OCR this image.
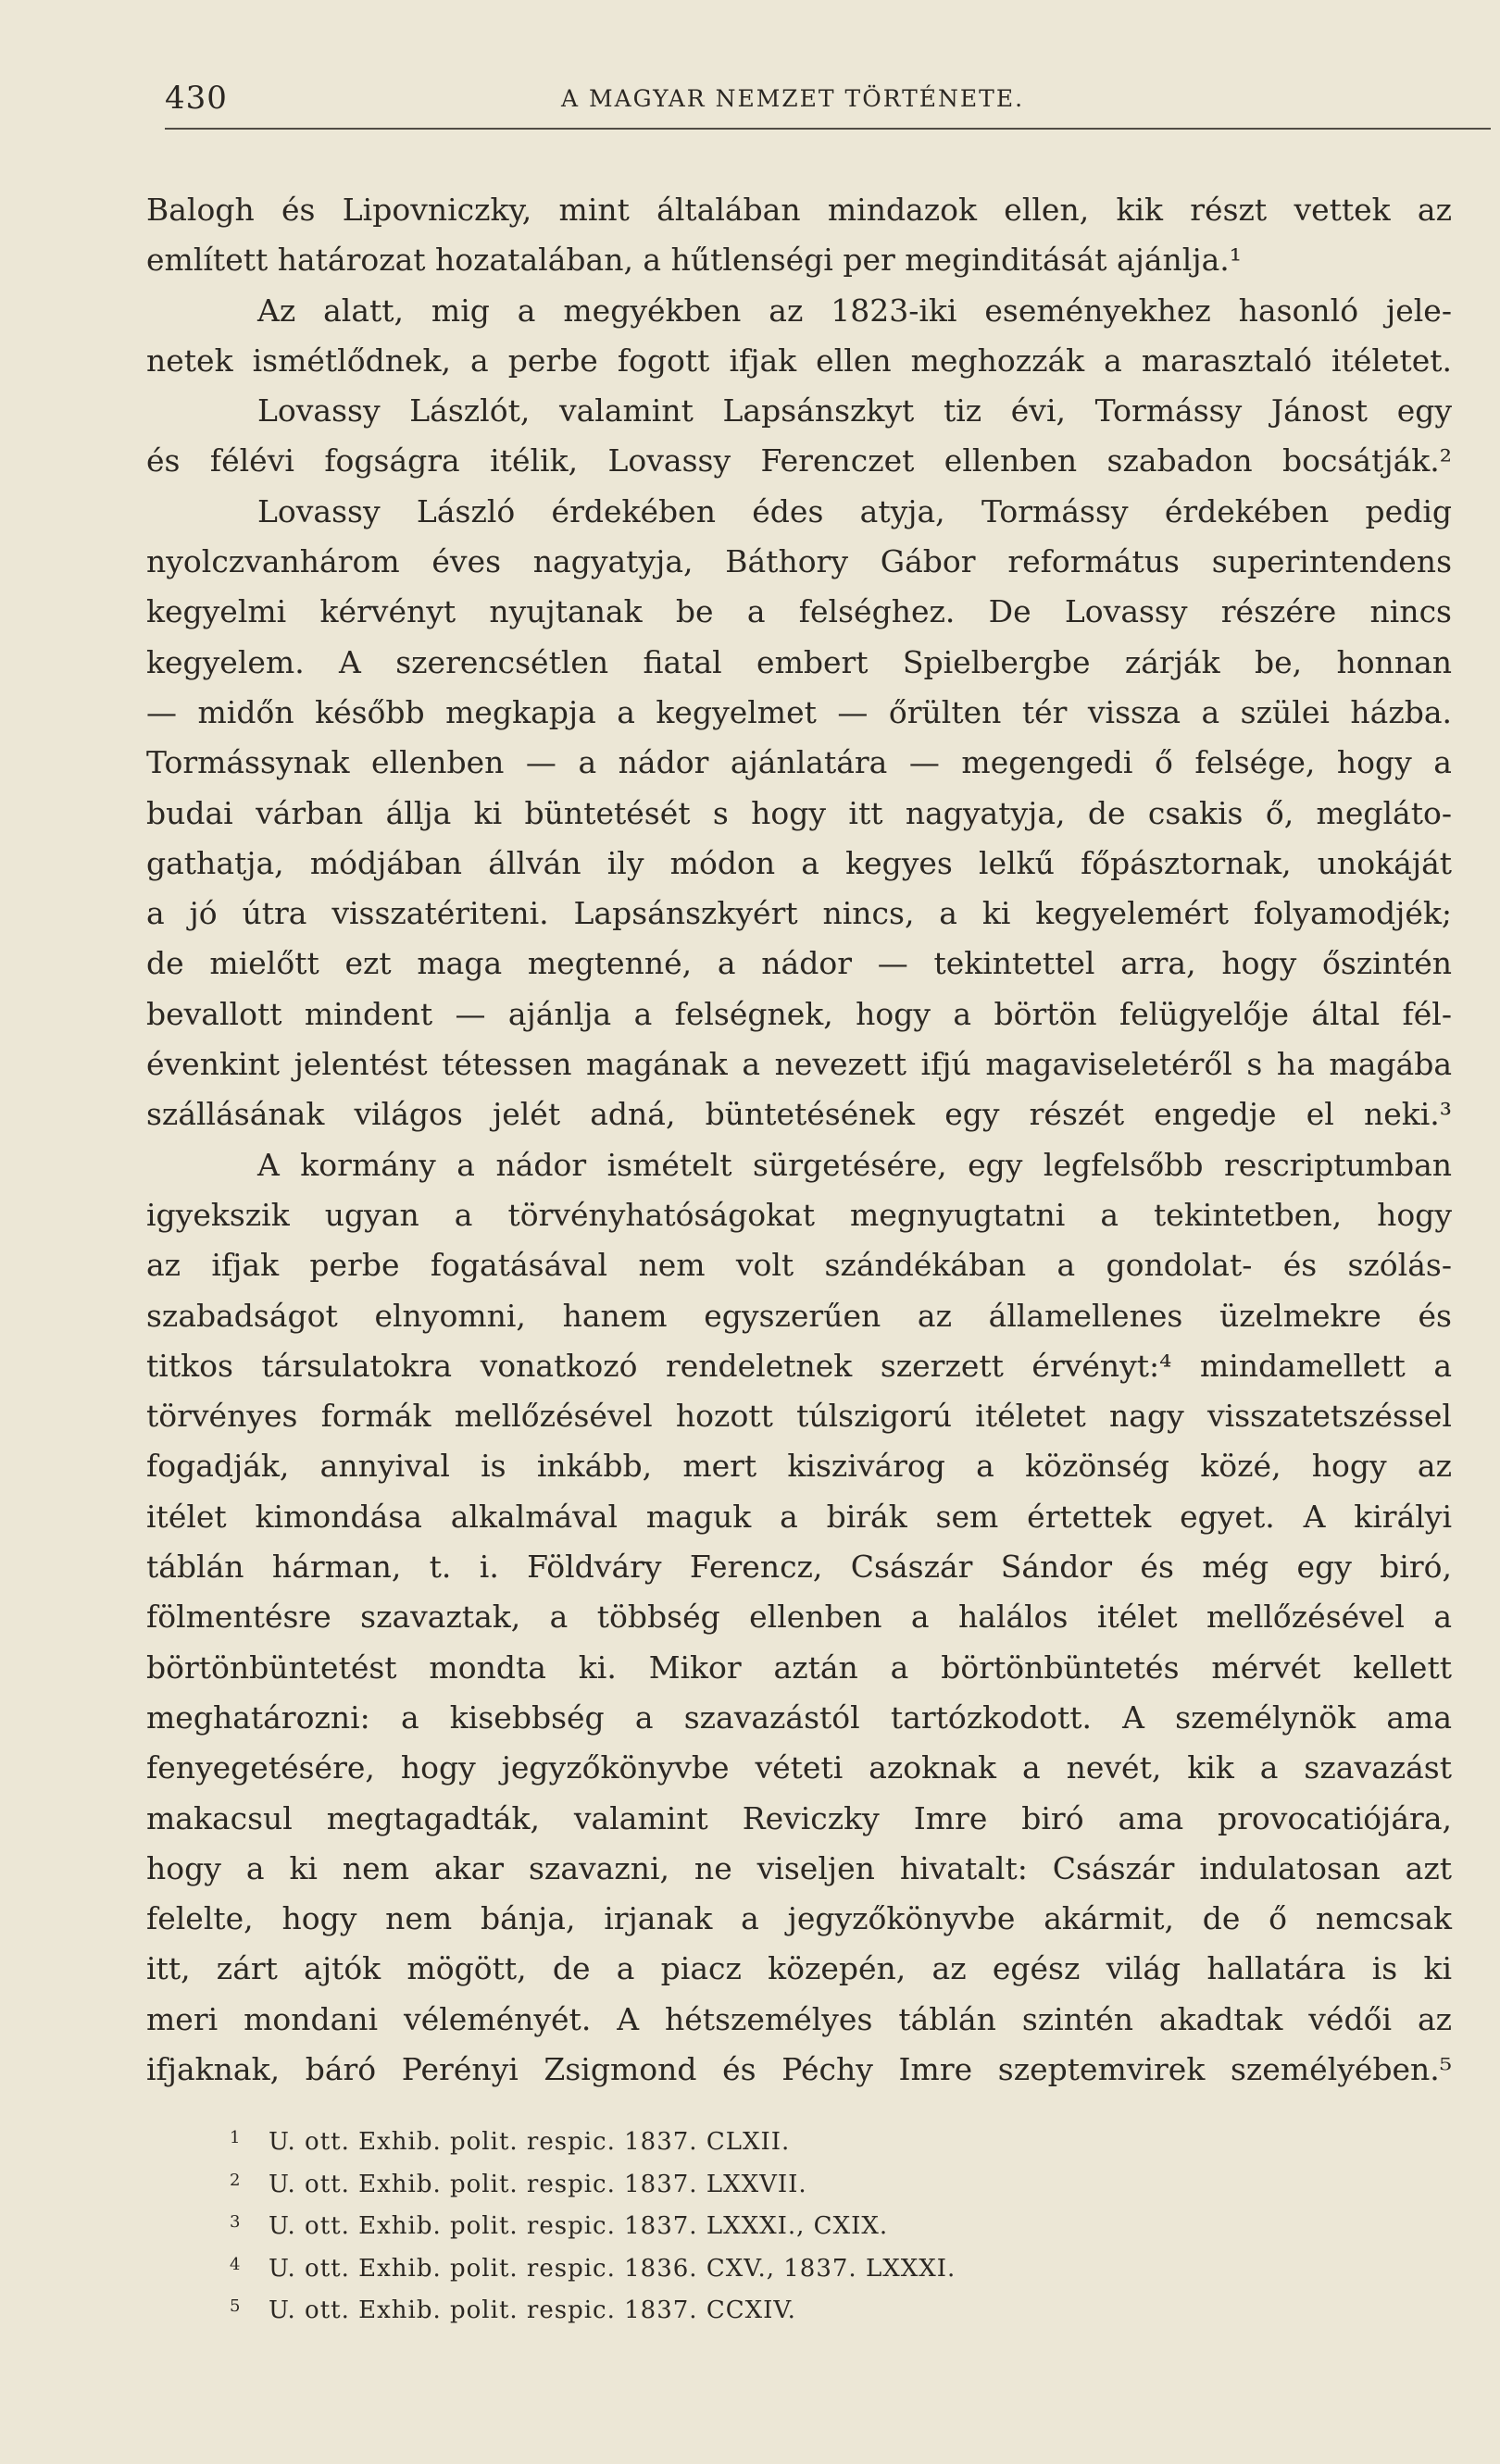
430	A MAGYAR NEMZET TÖRTÉNETE.
Balogh és Lipovniczky, mint általában mindazok ellen, kik részt vettek az
említett határozat hozatalában, a hűtlenségi per meginditását ajánlja.¹
Az alatt, mig a megyékben az 1823-iki eseményekhez hasonló jele-
netek ismétlődnek, a perbe fogott ifjak ellen meghozzák a marasztaló itéletet.
Lovassy Lászlót, valamint Lapsánszkyt tiz évi, Tormássy Jánost egy
és félévi fogságra itélik, Lovassy Ferenczet ellenben szabadon bocsátják.²
Lovassy László érdekében édes atyja, Tormássy érdekében pedig
nyolczvanhárom éves nagyatyja, Báthory Gábor református superintendens
kegyelmi kérvényt nyujtanak be a felséghez. De Lovassy részére nincs
kegyelem. A szerencsétlen fiatal embert Spielbergbe zárják be, honnan
— midőn később megkapja a kegyelmet — őrülten tér vissza a szülei házba.
Tormássynak ellenben — a nádor ajánlatára — megengedi ő felsége, hogy a
budai várban állja ki büntetését s hogy itt nagyatyja, de csakis ő, megláto-
gathatja, módjában állván ily módon a kegyes lelkű főpásztornak, unokáját
a jó útra visszatériteni. Lapsánszkyért nincs, a ki kegyelemért folyamodjék;
de mielőtt ezt maga megtenné, a nádor — tekintettel arra, hogy őszintén
bevallott mindent — ajánlja a felségnek, hogy a börtön felügyelője által fél-
évenkint jelentést tétessen magának a nevezett ifjú magaviseletéről s ha magába
szállásának világos jelét adná, büntetésének egy részét engedje el neki.³
A kormány a nádor ismételt sürgetésére, egy legfelsőbb rescriptumban
igyekszik ugyan a törvényhatóságokat megnyugtatni a tekintetben, hogy
az ifjak perbe fogatásával nem volt szándékában a gondolat- és szólás-
szabadságot elnyomni, hanem egyszerűen az államellenes üzelmekre és
titkos társulatokra vonatkozó rendeletnek szerzett érvényt:⁴ mindamellett a
törvényes formák mellőzésével hozott túlszigorú itéletet nagy visszatetszéssel
fogadják, annyival is inkább, mert kiszivárog a közönség közé, hogy az
itélet kimondása alkalmával maguk a birák sem értettek egyet. A királyi
táblán hárman, t. i. Földváry Ferencz, Császár Sándor és még egy biró,
fölmentésre szavaztak, a többség ellenben a halálos itélet mellőzésével a
börtönbüntetést mondta ki. Mikor aztán a börtönbüntetés mérvét kellett
meghatározni: a kisebbség a szavazástól tartózkodott. A személynök ama
fenyegetésére, hogy jegyzőkönyvbe véteti azoknak a nevét, kik a szavazást
makacsul megtagadták, valamint Reviczky Imre biró ama provocatiójára,
hogy a ki nem akar szavazni, ne viseljen hivatalt: Császár indulatosan azt
felelte, hogy nem bánja, irjanak a jegyzőkönyvbe akármit, de ő nemcsak
itt, zárt ajtók mögött, de a piacz közepén, az egész világ hallatára is ki
meri mondani véleményét. A hétszemélyes táblán szintén akadtak védői az
ifjaknak, báró Perényi Zsigmond és Péchy Imre szeptemvirek személyében.⁵
1 U. ott. Exhib. polit. respic. 1837. CLXII.
2 U. ott. Exhib. polit. respic. 1837. LXXVII.
3 U. ott. Exhib. polit. respic. 1837. LXXXI., CXIX.
4 U. ott. Exhib. polit. respic. 1836. CXV., 1837. LXXXI.
5 U. ott. Exhib. polit. respic. 1837. CCXIV.
